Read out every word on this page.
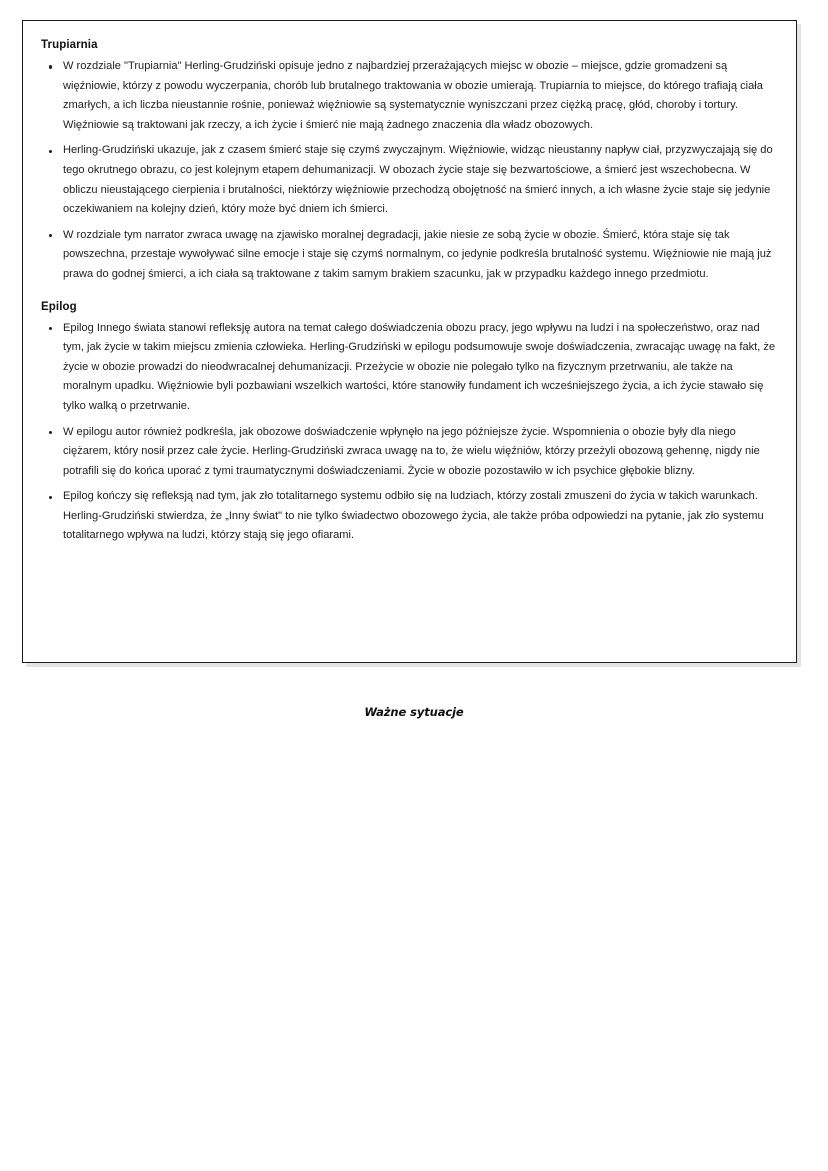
Trupiarnia
W rozdziale "Trupiarnia" Herling-Grudziński opisuje jedno z najbardziej przerażających miejsc w obozie – miejsce, gdzie gromadzeni są więźniowie, którzy z powodu wyczerpania, chorób lub brutalnego traktowania w obozie umierają. Trupiarnia to miejsce, do którego trafiają ciała zmarłych, a ich liczba nieustannie rośnie, ponieważ więźniowie są systematycznie wyniszczani przez ciężką pracę, głód, choroby i tortury. Więźniowie są traktowani jak rzeczy, a ich życie i śmierć nie mają żadnego znaczenia dla władz obozowych.
Herling-Grudziński ukazuje, jak z czasem śmierć staje się czymś zwyczajnym. Więźniowie, widząc nieustanny napływ ciał, przyzwyczajają się do tego okrutnego obrazu, co jest kolejnym etapem dehumanizacji. W obozach życie staje się bezwartościowe, a śmierć jest wszechobecna. W obliczu nieustającego cierpienia i brutalności, niektórzy więźniowie przechodzą obojętność na śmierć innych, a ich własne życie staje się jedynie oczekiwaniem na kolejny dzień, który może być dniem ich śmierci.
W rozdziale tym narrator zwraca uwagę na zjawisko moralnej degradacji, jakie niesie ze sobą życie w obozie. Śmierć, która staje się tak powszechna, przestaje wywoływać silne emocje i staje się czymś normalnym, co jedynie podkreśla brutalność systemu. Więźniowie nie mają już prawa do godnej śmierci, a ich ciała są traktowane z takim samym brakiem szacunku, jak w przypadku każdego innego przedmiotu.
Epilog
Epilog Innego świata stanowi refleksję autora na temat całego doświadczenia obozu pracy, jego wpływu na ludzi i na społeczeństwo, oraz nad tym, jak życie w takim miejscu zmienia człowieka. Herling-Grudziński w epilogu podsumowuje swoje doświadczenia, zwracając uwagę na fakt, że życie w obozie prowadzi do nieodwracalnej dehumanizacji. Przeżycie w obozie nie polegało tylko na fizycznym przetrwaniu, ale także na moralnym upadku. Więźniowie byli pozbawiani wszelkich wartości, które stanowiły fundament ich wcześniejszego życia, a ich życie stawało się tylko walką o przetrwanie.
W epilogu autor również podkreśla, jak obozowe doświadczenie wpłynęło na jego późniejsze życie. Wspomnienia o obozie były dla niego ciężarem, który nosił przez całe życie. Herling-Grudziński zwraca uwagę na to, że wielu więźniów, którzy przeżyli obozową gehennę, nigdy nie potrafili się do końca uporać z tymi traumatycznymi doświadczeniami. Życie w obozie pozostawiło w ich psychice głębokie blizny.
Epilog kończy się refleksją nad tym, jak zło totalitarnego systemu odbiło się na ludziach, którzy zostali zmuszeni do życia w takich warunkach. Herling-Grudziński stwierdza, że „Inny świat" to nie tylko świadectwo obozowego życia, ale także próba odpowiedzi na pytanie, jak zło systemu totalitarnego wpływa na ludzi, którzy stają się jego ofiarami.
Ważne sytuacje
